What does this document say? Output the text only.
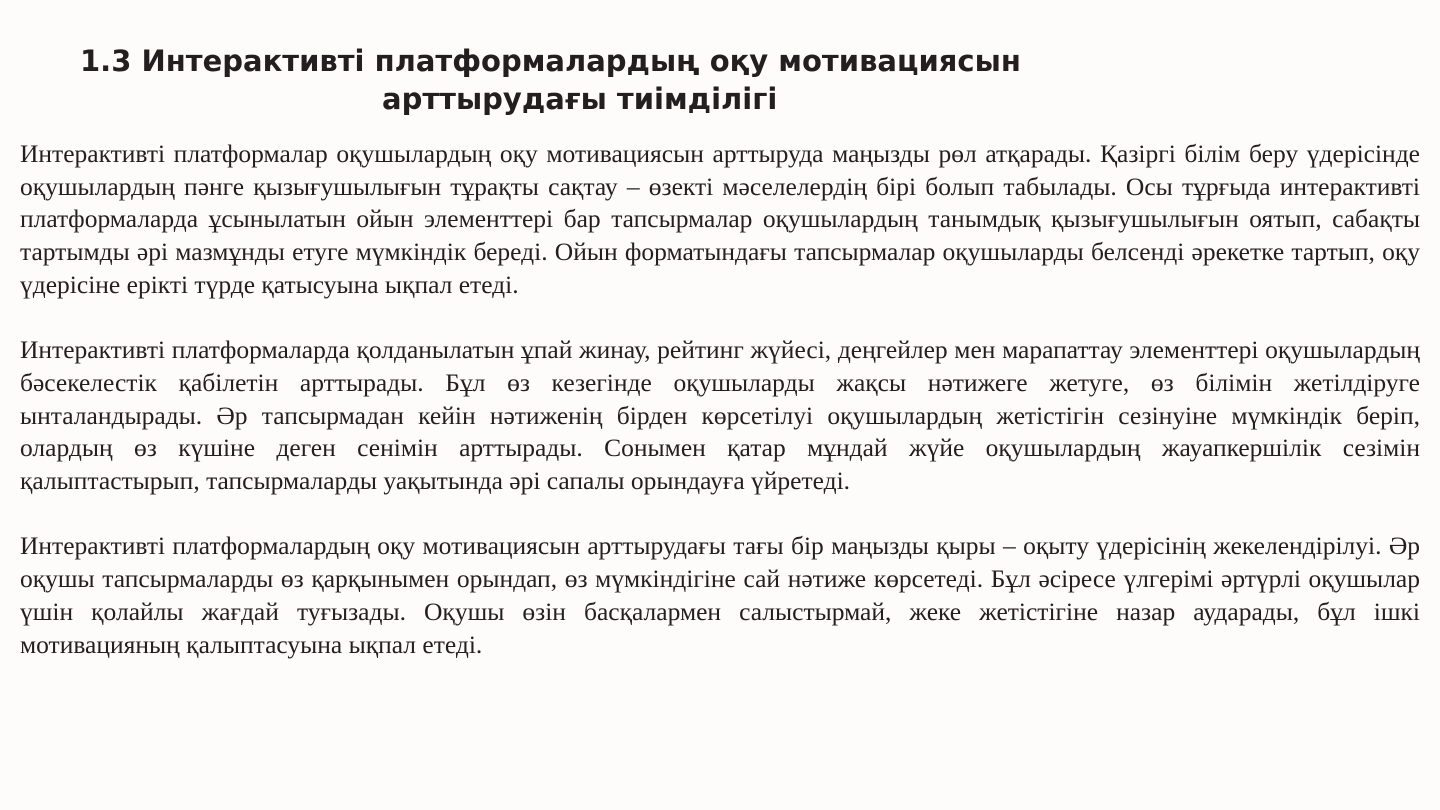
1.3 Интерактивті платформалардың оқу мотивациясын
арттырудағы тиімділігі

Интерактивті платформалар оқушылардың оқу мотивациясын арттыруда маңызды рөл атқарады. Қазіргі білім беру үдерісінде оқушылардың пәнге қызығушылығын тұрақты сақтау – өзекті мәселелердің бірі болып табылады. Осы тұрғыда интерактивті платформаларда ұсынылатын ойын элементтері бар тапсырмалар оқушылардың танымдық қызығушылығын оятып, сабақты тартымды әрі мазмұнды етуге мүмкіндік береді. Ойын форматындағы тапсырмалар оқушыларды белсенді әрекетке тартып, оқу үдерісіне ерікті түрде қатысуына ықпал етеді.

Интерактивті платформаларда қолданылатын ұпай жинау, рейтинг жүйесі, деңгейлер мен марапаттау элементтері оқушылардың бәсекелестік қабілетін арттырады. Бұл өз кезегінде оқушыларды жақсы нәтижеге жетуге, өз білімін жетілдіруге ынталандырады. Әр тапсырмадан кейін нәтиженің бірден көрсетілуі оқушылардың жетістігін сезінуіне мүмкіндік беріп, олардың өз күшіне деген сенімін арттырады. Сонымен қатар мұндай жүйе оқушылардың жауапкершілік сезімін қалыптастырып, тапсырмаларды уақытында әрі сапалы орындауға үйретеді.

Интерактивті платформалардың оқу мотивациясын арттырудағы тағы бір маңызды қыры – оқыту үдерісінің жекелендірілуі. Әр оқушы тапсырмаларды өз қарқынымен орындап, өз мүмкіндігіне сай нәтиже көрсетеді. Бұл әсіресе үлгерімі әртүрлі оқушылар үшін қолайлы жағдай туғызады. Оқушы өзін басқалармен салыстырмай, жеке жетістігіне назар аударады, бұл ішкі мотивацияның қалыптасуына ықпал етеді.
